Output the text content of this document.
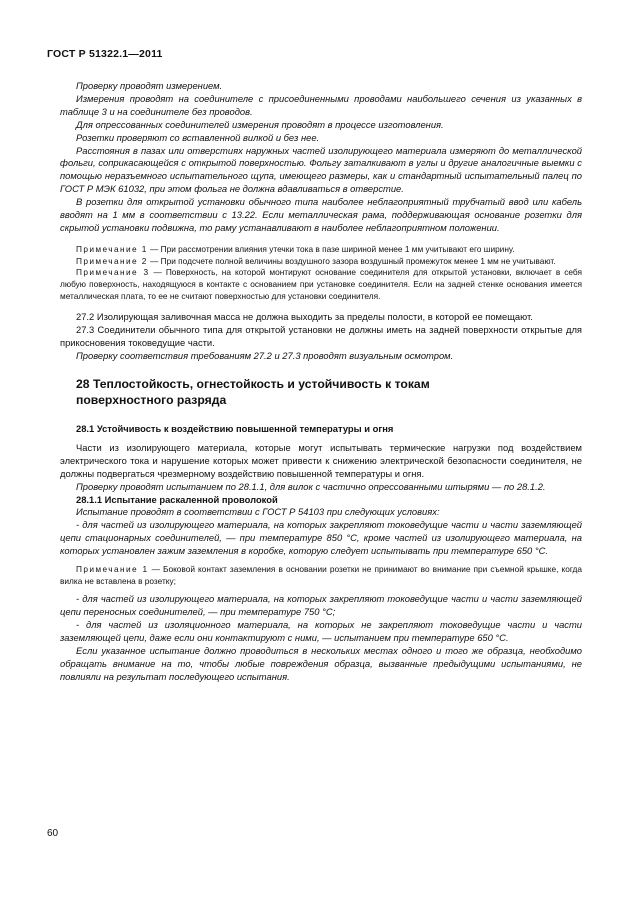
ГОСТ Р 51322.1—2011

Проверку проводят измерением.

Измерения проводят на соединителе с присоединенными проводами наибольшего сечения из указанных в таблице 3 и на соединителе без проводов.

Для опрессованных соединителей измерения проводят в процессе изготовления.

Розетки проверяют со вставленной вилкой и без нее.

Расстояния в пазах или отверстиях наружных частей изолирующего материала измеряют до металлической фольги, соприкасающейся с открытой поверхностью. Фольгу заталкивают в углы и другие аналогичные выемки с помощью неразъемного испытательного щупа, имеющего размеры, как и стандартный испытательный палец по ГОСТ Р МЭК 61032, при этом фольга не должна вдавливаться в отверстие.

В розетки для открытой установки обычного типа наиболее неблагоприятный трубчатый ввод или кабель вводят на 1 мм в соответствии с 13.22. Если металлическая рама, поддерживающая основание розетки для скрытой установки подвижна, то раму устанавливают в наиболее неблагоприятном положении.

Примечание 1 — При рассмотрении влияния утечки тока в пазе шириной менее 1 мм учитывают его ширину.

Примечание 2 — При подсчете полной величины воздушного зазора воздушный промежуток менее 1 мм не учитывают.

Примечание 3 — Поверхность, на которой монтируют основание соединителя для открытой установки, включает в себя любую поверхность, находящуюся в контакте с основанием при установке соединителя. Если на задней стенке основания имеется металлическая плата, то ее не считают поверхностью для установки соединителя.

27.2 Изолирующая заливочная масса не должна выходить за пределы полости, в которой ее помещают.

27.3 Соединители обычного типа для открытой установки не должны иметь на задней поверхности открытые для прикосновения токоведущие части.

Проверку соответствия требованиям 27.2 и 27.3 проводят визуальным осмотром.

28 Теплостойкость, огнестойкость и устойчивость к токам
поверхностного разряда

28.1 Устойчивость к воздействию повышенной температуры и огня

Части из изолирующего материала, которые могут испытывать термические нагрузки под воздействием электрического тока и нарушение которых может привести к снижению электрической безопасности соединителя, не должны подвергаться чрезмерному воздействию повышенной температуры и огня.

Проверку проводят испытанием по 28.1.1, для вилок с частично опрессованными штырями — по 28.1.2.

28.1.1 Испытание раскаленной проволокой

Испытание проводят в соответствии с ГОСТ Р 54103 при следующих условиях:

- для частей из изолирующего материала, на которых закрепляют токоведущие части и части заземляющей цепи стационарных соединителей, — при температуре 850 °С, кроме частей из изолирующего материала, на которых установлен зажим заземления в коробке, которую следует испытывать при температуре 650 °С.

Примечание 1 — Боковой контакт заземления в основании розетки не принимают во внимание при съемной крышке, когда вилка не вставлена в розетку;

- для частей из изолирующего материала, на которых закрепляют токоведущие части и части заземляющей цепи переносных соединителей, — при температуре 750 °С;

- для частей из изоляционного материала, на которых не закрепляют токоведущие части и части заземляющей цепи, даже если они контактируют с ними, — испытанием при температуре 650 °С.

Если указанное испытание должно проводиться в нескольких местах одного и того же образца, необходимо обращать внимание на то, чтобы любые повреждения образца, вызванные предыдущими испытаниями, не повлияли на результат последующего испытания.

60
